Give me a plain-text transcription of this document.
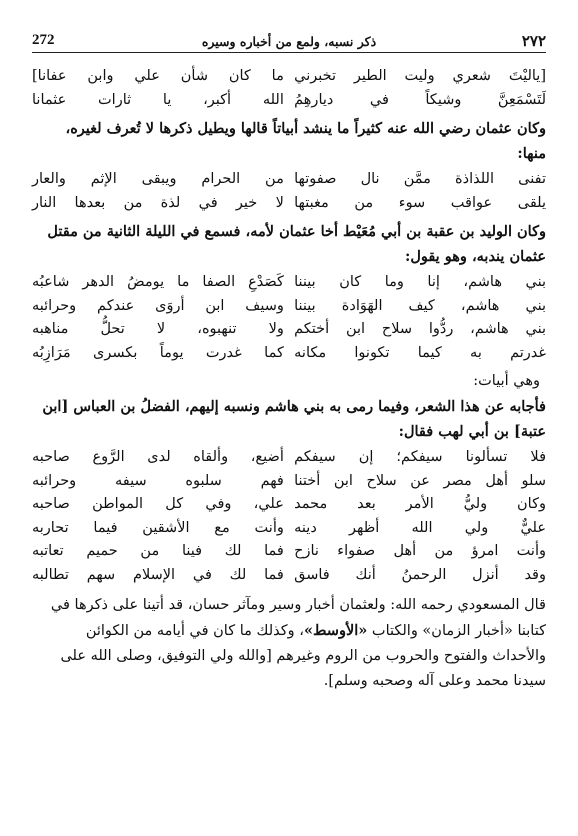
272	ذكر نسبه، ولمع من أخباره وسيره	٢٧٢
[ياليْتَ شعري وليت الطير تخبرني
ما كان شأن علي وابن عفانا]
لَتَسْمَعِنَّ وشيكاً في ديارهِمُ
الله أكبر، يا ثارات عثمانا

وكان عثمان رضي الله عنه كثيراً ما ينشد أبياتاً قالها ويطيل ذكرها لا تُعرف لغيره، منها:

تفنى اللذاذة ممَّن نال صفوتها
من الحرام ويبقى الإثم والعار
يلقى عواقب سوء من مغبتها
لا خير في لذة من بعدها النار

وكان الوليد بن عقبة بن أبي مُعَيْط أخا عثمان لأمه، فسمع في الليلة الثانية من مقتل عثمان يندبه، وهو يقول:

بني هاشم، إنا وما كان بيننا
كَصَدْعِ الصفا ما يومضُ الدهر شاعبُه
بني هاشم، كيف الهَوَادة بيننا
وسيف ابن أروَى عندكم وحرائبه
بني هاشم، ردُّوا سلاح ابن أختكم
ولا تنهبوه، لا تحلُّ مناهبه
غدرتم به كيما تكونوا مكانه
كما غدرت يوماً بكسرى مَرَازِبُه

وهي أبيات:

فأجابه عن هذا الشعر، وفيما رمى به بني هاشم ونسبه إليهم، الفضلُ بن العباس [ابن عتبة] بن أبي لهب فقال:

فلا تسألونا سيفكم؛ إن سيفكم
أضيع، وألقاه لدى الرَّوع صاحبه
سلو أهل مصر عن سلاح ابن أختنا
فهم سلبوه سيفه وحرائبه
وكان وليُّ الأمر بعد محمد
علي، وفي كل المواطن صاحبه
عليٌّ ولي الله أظهر دينه
وأنت مع الأشقين فيما تحاربه
وأنت امرؤ من أهل صفواء نازح
فما لك فينا من حميم تعاتبه
وقد أنزل الرحمنُ أنك فاسق
فما لك في الإسلام سهم تطالبه

قال المسعودي رحمه الله: ولعثمان أخبار وسير ومآثر حسان، قد أتينا على ذكرها في كتابنا «أخبار الزمان» والكتاب «الأوسط»، وكذلك ما كان في أيامه من الكوائن والأحداث والفتوح والحروب من الروم وغيرهم [والله ولي التوفيق، وصلى الله على سيدنا محمد وعلى آله وصحبه وسلم].
